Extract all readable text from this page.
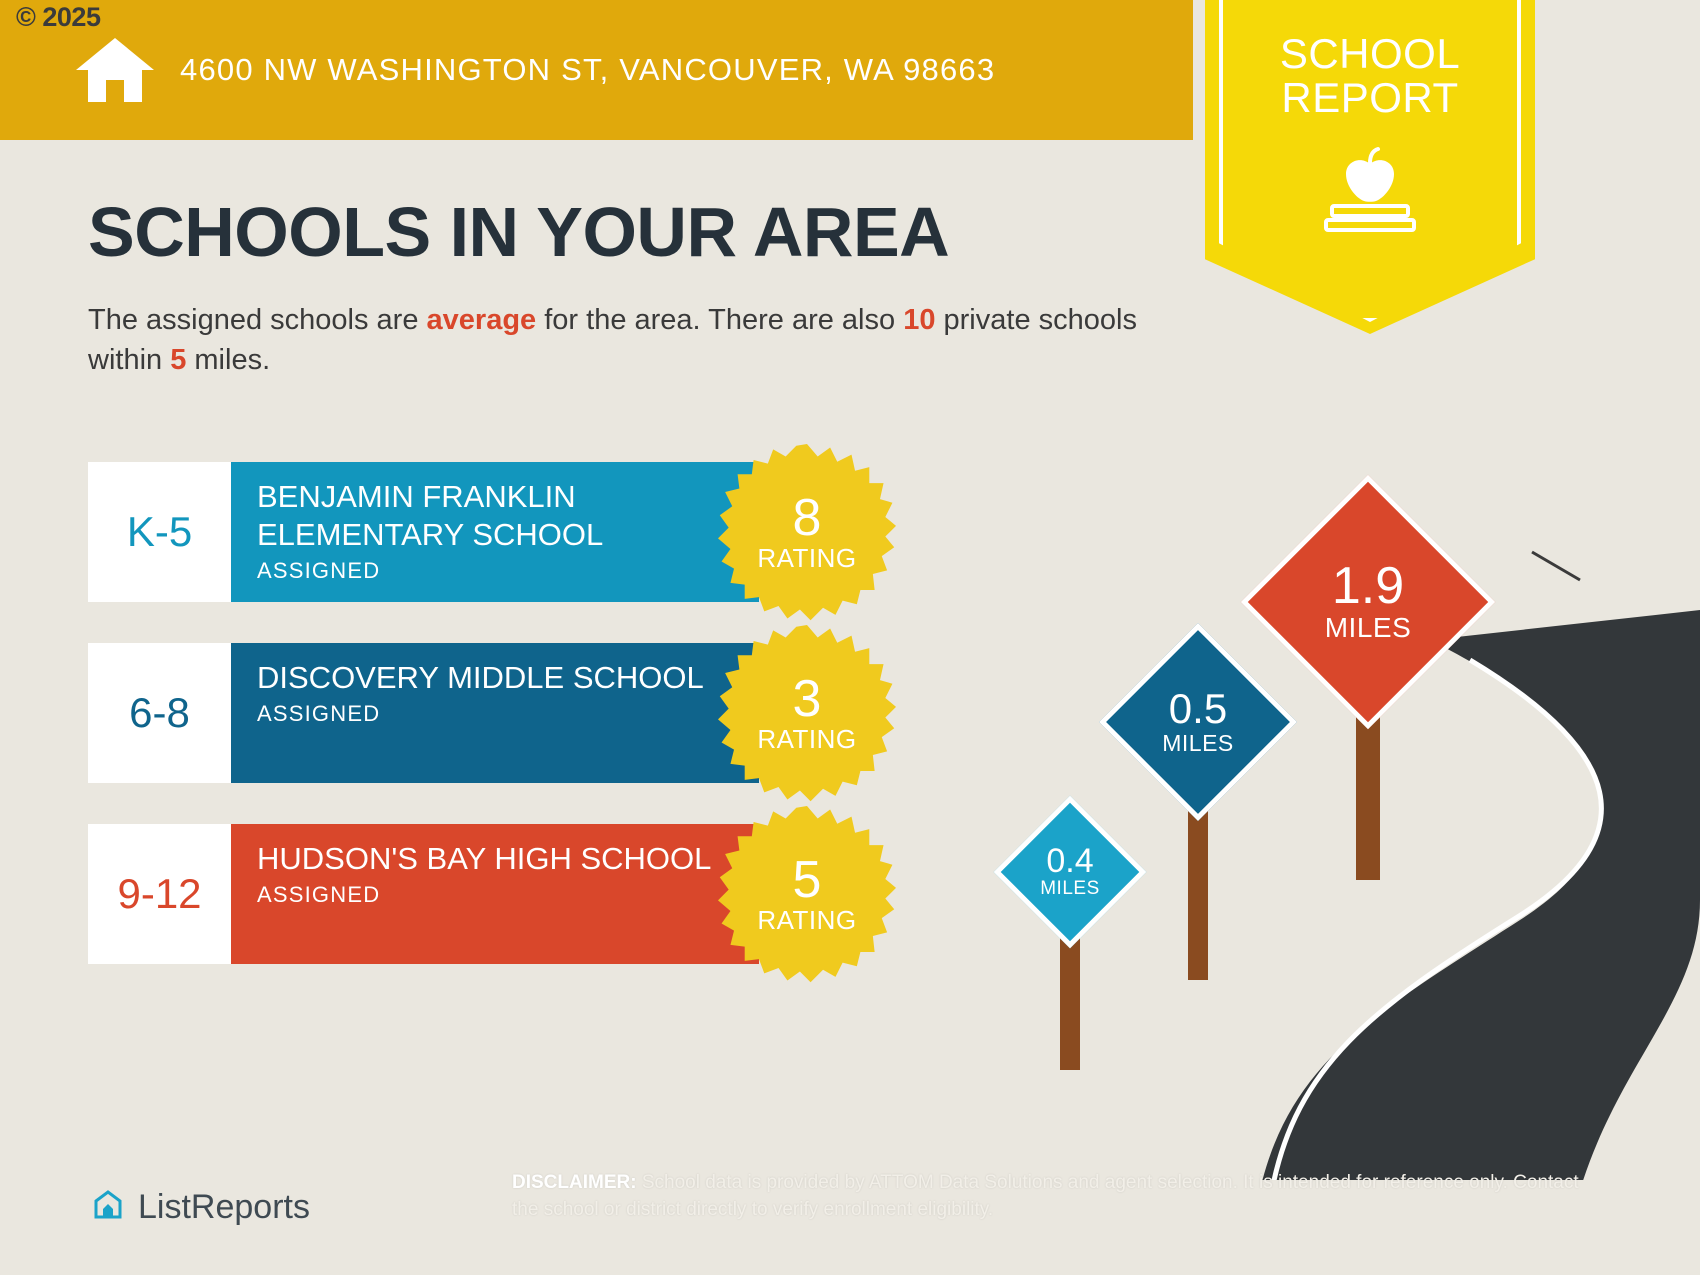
4600 NW WASHINGTON ST, VANCOUVER, WA 98663
© 2025
SCHOOL
REPORT
SCHOOLS IN YOUR AREA
The assigned schools are average for the area. There are also 10 private schools within 5 miles.
K-5
BENJAMIN FRANKLIN ELEMENTARY SCHOOL
ASSIGNED
8
RATING
6-8
DISCOVERY MIDDLE SCHOOL
ASSIGNED	3
RATING
9-12
HUDSON'S BAY HIGH SCHOOL
ASSIGNED	5
RATING
0.4
MILES
0.5
MILES
1.9
MILES
ListReports
DISCLAIMER: School data is provided by ATTOM Data Solutions and agent selection. It is intended for reference only. Contact the school or district directly to verify enrollment eligibility.
